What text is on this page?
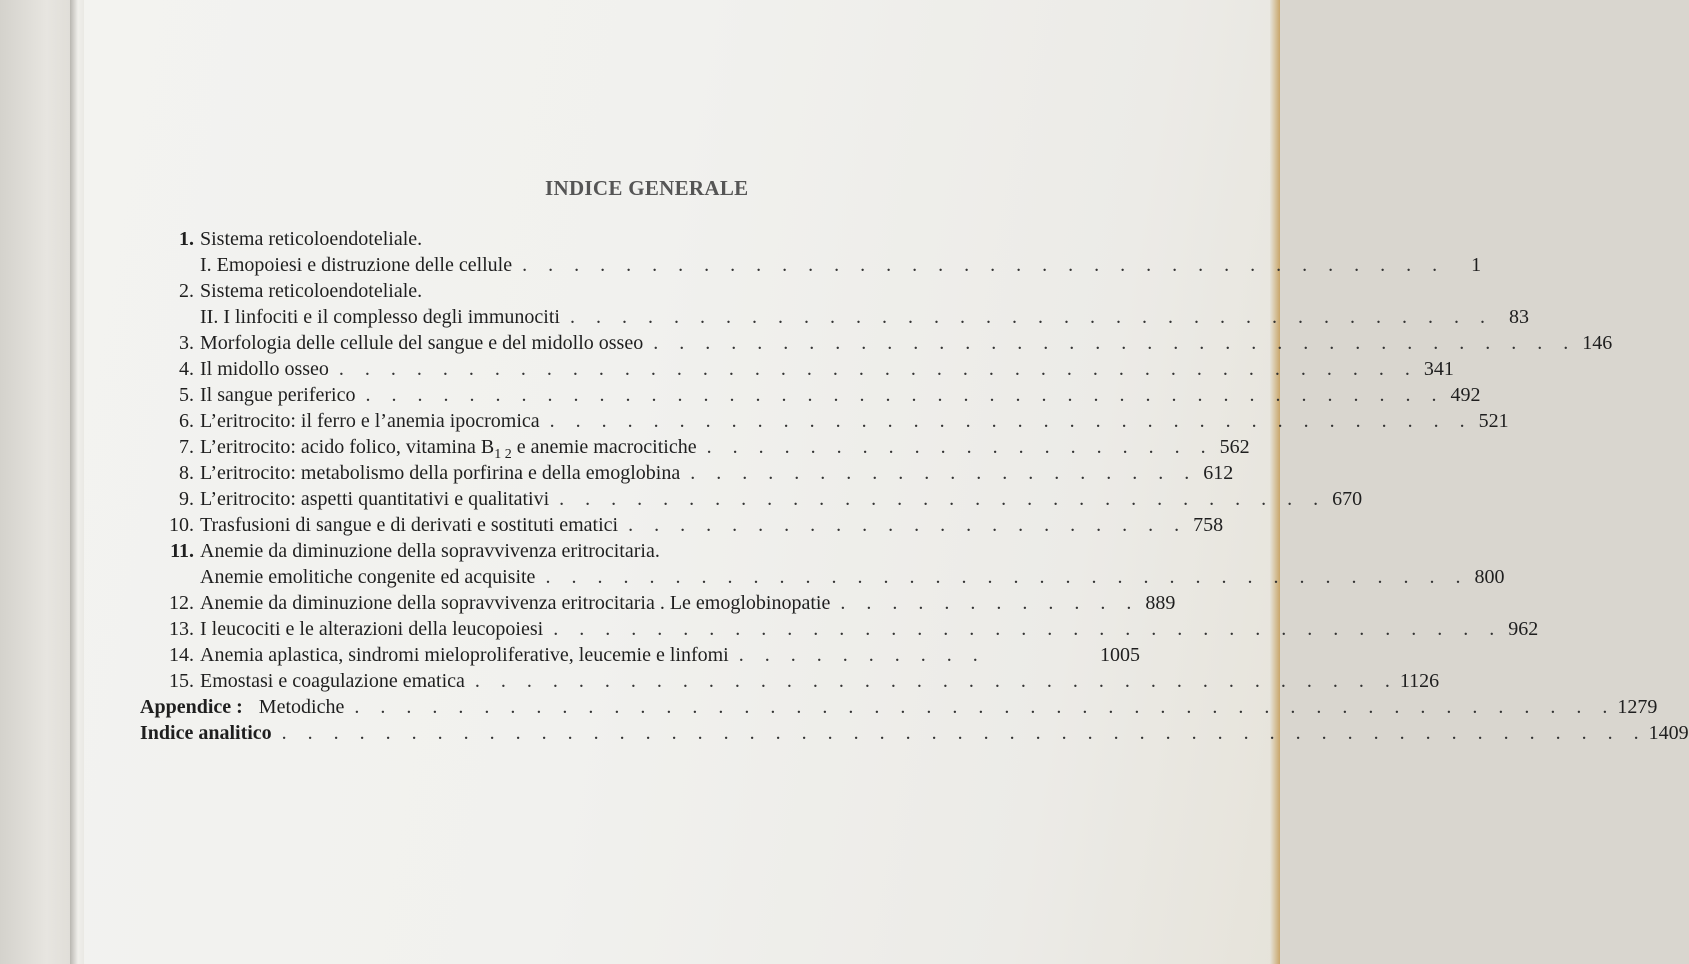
INDICE GENERALE
1. Sistema reticoloendoteliale.
I. Emopoiesi e distruzione delle cellule . . . . . . . . . . . . . . . . . . . . . . . . . . . . . . . . . . . .	1
2. Sistema reticoloendoteliale.
II. I linfociti e il complesso degli immunociti . . . . . . . . . . . . . . . . . . . . . . . . . . . . . . . . . . . . 83
3. Morfologia delle cellule del sangue e del midollo osseo . . . . . . . . . . . . . . . . . . . . . . . . . . . . . . . . . . . . 146
4. Il midollo osseo . . . . . . . . . . . . . . . . . . . . . . . . . . . . . . . . . . . . . . . . . . 341
5. Il sangue periferico . . . . . . . . . . . . . . . . . . . . . . . . . . . . . . . . . . . . . . . . . . 492
6. L’eritrocito: il ferro e l’anemia ipocromica . . . . . . . . . . . . . . . . . . . . . . . . . . . . . . . . . . . . 521
7. L’eritrocito: acido folico, vitamina $B_{1 2}$ e anemie macrocitiche . . . . . . . . . . . . . . . . . . . . 562
8. L’eritrocito: metabolismo della porfirina e della emoglobina . . . . . . . . . . . . . . . . . . . . 612
9. L’eritrocito: aspetti quantitativi e qualitativi . . . . . . . . . . . . . . . . . . . . . . . . . . . . . . 670
10. Trasfusioni di sangue e di derivati e sostituti ematici . . . . . . . . . . . . . . . . . . . . . . 758
11. Anemie da diminuzione della sopravvivenza eritrocitaria.
Anemie emolitiche congenite ed acquisite . . . . . . . . . . . . . . . . . . . . . . . . . . . . . . . . . . . . 800
12. Anemie da diminuzione della sopravvivenza eritrocitaria . Le emoglobinopatie . . . . . . . . . . . . 889
13. I leucociti e le alterazioni della leucopoiesi . . . . . . . . . . . . . . . . . . . . . . . . . . . . . . . . . . . . . 962
14. Anemia aplastica, sindromi mieloproliferative, leucemie e linfomi . . . . . . . . . .	1005
15. Emostasi e coagulazione ematica . . . . . . . . . . . . . . . . . . . . . . . . . . . . . . . . . . . . 1126
Appendice : Metodiche . . . . . . . . . . . . . . . . . . . . . . . . . . . . . . . . . . . . . . . . . . . . . . . . . 1279
Indice analitico . . . . . . . . . . . . . . . . . . . . . . . . . . . . . . . . . . . . . . . . . . . . . . . . . . . . . 1409
